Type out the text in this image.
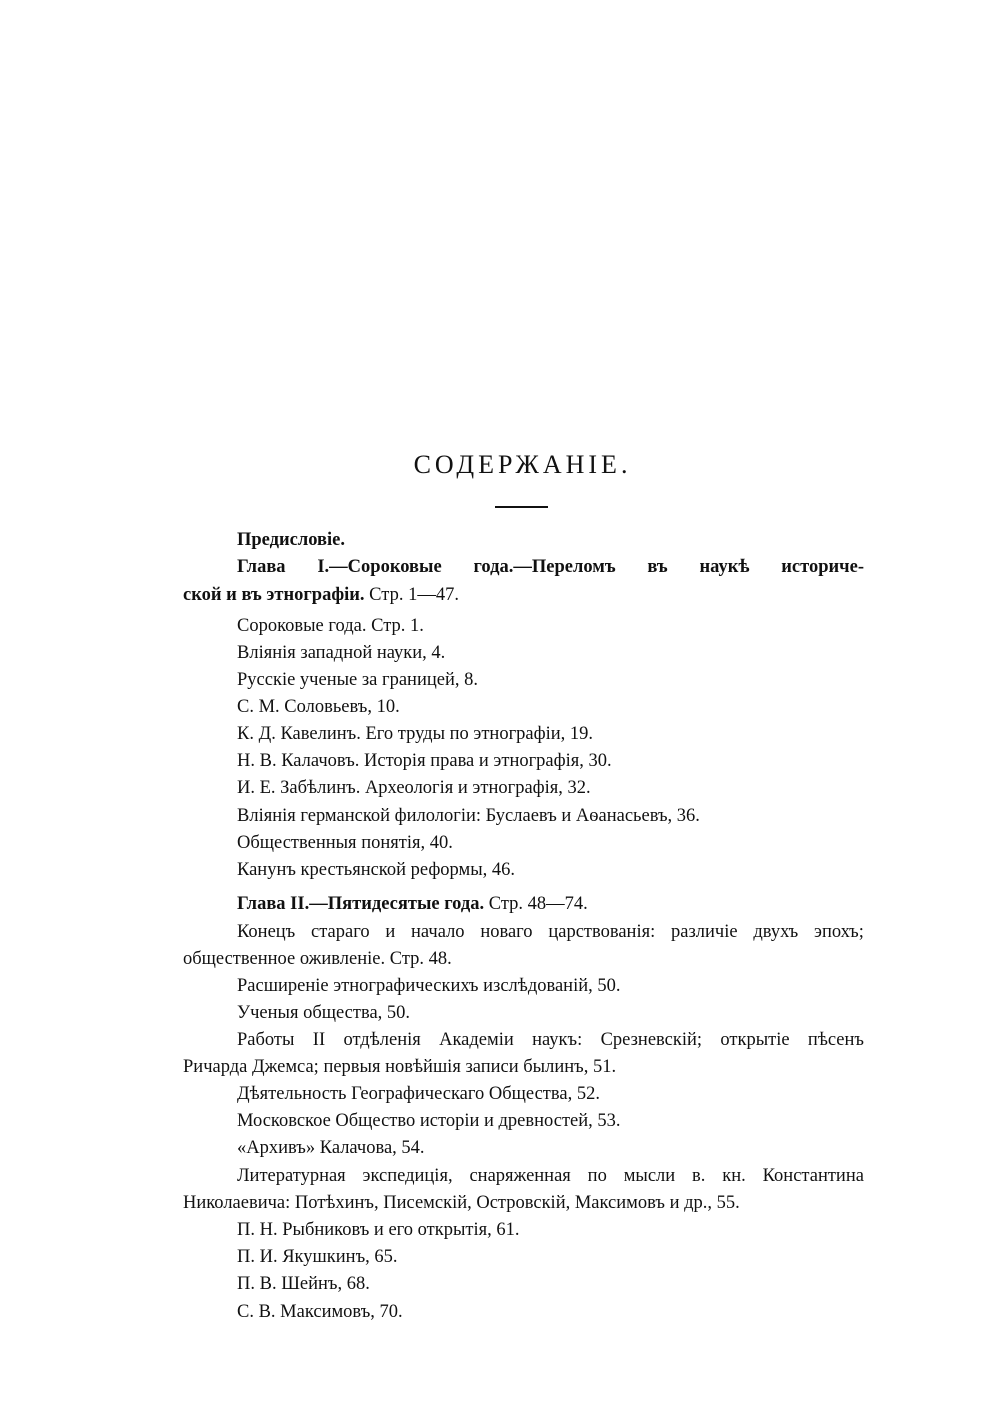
СОДЕРЖАНІЕ.
Предисловіе.
Глава I.—Сороковые года.—Переломъ въ наукѣ историче-
ской и въ этнографіи. Стр. 1—47.
Сороковые года. Стр. 1.
Вліянія западной науки, 4.
Русскіе ученые за границей, 8.
С. М. Соловьевъ, 10.
К. Д. Кавелинъ. Его труды по этнографіи, 19.
Н. В. Калачовъ. Исторія права и этнографія, 30.
И. Е. Забѣлинъ. Археологія и этнографія, 32.
Вліянія германской филологіи: Буслаевъ и Аѳанасьевъ, 36.
Общественныя понятія, 40.
Канунъ крестьянской реформы, 46.
Глава II.—Пятидесятые года. Стр. 48—74.
Конецъ стараго и начало новаго царствованія: различіе двухъ эпохъ;
общественное оживленіе. Стр. 48.
Расширеніе этнографическихъ изслѣдованій, 50.
Ученыя общества, 50.
Работы II отдѣленія Академіи наукъ: Срезневскій; открытіе пѣсенъ
Ричарда Джемса; первыя новѣйшія записи былинъ, 51.
Дѣятельность Географическаго Общества, 52.
Московское Общество исторіи и древностей, 53.
«Архивъ» Калачова, 54.
Литературная экспедиція, снаряженная по мысли в. кн. Константина
Николаевича: Потѣхинъ, Писемскій, Островскій, Максимовъ и др., 55.
П. Н. Рыбниковъ и его открытія, 61.
П. И. Якушкинъ, 65.
П. В. Шейнъ, 68.
С. В. Максимовъ, 70.
